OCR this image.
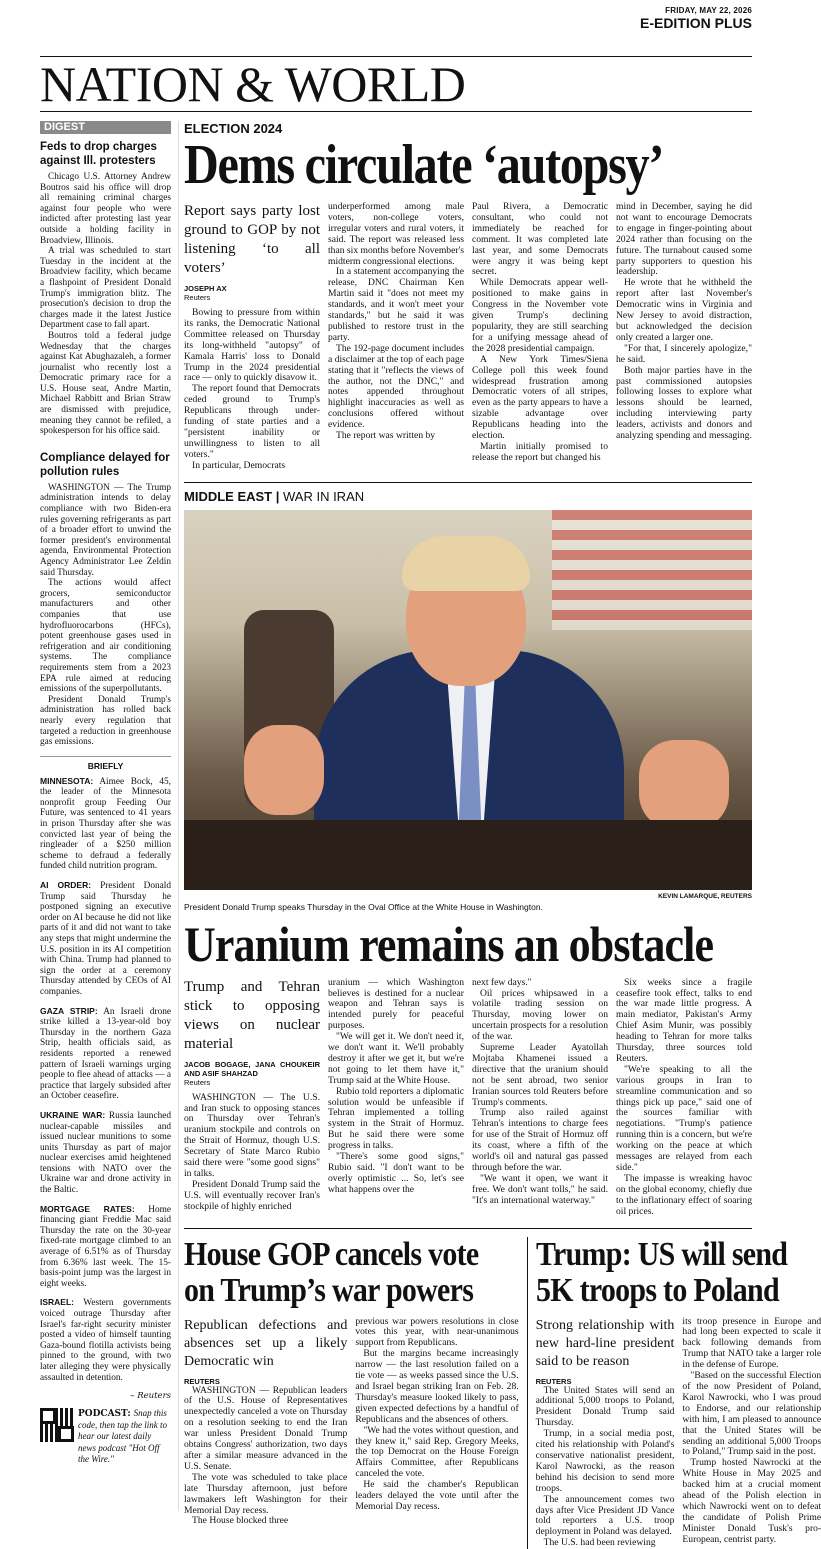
FRIDAY, MAY 22, 2026
E-EDITION PLUS
NATION & WORLD
DIGEST
Feds to drop charges against Ill. protesters

Chicago U.S. Attorney Andrew Boutros said his office will drop all remaining criminal charges against four people who were indicted after protesting last year outside a holding facility in Broadview, Illinois.

A trial was scheduled to start Tuesday in the incident at the Broadview facility, which became a flashpoint of President Donald Trump's immigration blitz. The prosecution's decision to drop the charges made it the latest Justice Department case to fall apart.

Boutros told a federal judge Wednesday that the charges against Kat Abughazaleh, a former journalist who recently lost a Democratic primary race for a U.S. House seat, Andre Martin, Michael Rabbitt and Brian Straw are dismissed with prejudice, meaning they cannot be refiled, a spokesperson for his office said.

Compliance delayed for pollution rules

WASHINGTON — The Trump administration intends to delay compliance with two Biden-era rules governing refrigerants as part of a broader effort to unwind the former president's environmental agenda, Environmental Protection Agency Administrator Lee Zeldin said Thursday.

The actions would affect grocers, semiconductor manufacturers and other companies that use hydrofluorocarbons (HFCs), potent greenhouse gases used in refrigeration and air conditioning systems. The compliance requirements stem from a 2023 EPA rule aimed at reducing emissions of the superpollutants.

President Donald Trump's administration has rolled back nearly every regulation that targeted a reduction in greenhouse gas emissions.

BRIEFLY

MINNESOTA: Aimee Bock, 45, the leader of the Minnesota nonprofit group Feeding Our Future, was sentenced to 41 years in prison Thursday after she was convicted last year of being the ringleader of a $250 million scheme to defraud a federally funded child nutrition program.

AI ORDER: President Donald Trump said Thursday he postponed signing an executive order on AI because he did not like parts of it and did not want to take any steps that might undermine the U.S. position in its AI competition with China. Trump had planned to sign the order at a ceremony Thursday attended by CEOs of AI companies.

GAZA STRIP: An Israeli drone strike killed a 13-year-old boy Thursday in the northern Gaza Strip, health officials said, as residents reported a renewed pattern of Israeli warnings urging people to flee ahead of attacks — a practice that largely subsided after an October ceasefire.

UKRAINE WAR: Russia launched nuclear-capable missiles and issued nuclear munitions to some units Thursday as part of major nuclear exercises amid heightened tensions with NATO over the Ukraine war and drone activity in the Baltic.

MORTGAGE RATES: Home financing giant Freddie Mac said Thursday the rate on the 30-year fixed-rate mortgage climbed to an average of 6.51% as of Thursday from 6.36% last week. The 15-basis-point jump was the largest in eight weeks.

ISRAEL: Western governments voiced outrage Thursday after Israel's far-right security minister posted a video of himself taunting Gaza-bound flotilla activists being pinned to the ground, with two later alleging they were physically assaulted in detention.

– Reuters
PODCAST: Snap this code, then tap the link to hear our latest daily news podcast "Hot Off the Wire."
ELECTION 2024
Dems circulate ‘autopsy’
Report says party lost ground to GOP by not listening ‘to all voters’
JOSEPH AX
Reuters

Bowing to pressure from within its ranks, the Democratic National Committee released on Thursday its long-withheld "autopsy" of Kamala Harris' loss to Donald Trump in the 2024 presidential race — only to quickly disavow it.

The report found that Democrats ceded ground to Trump's Republicans through under-funding of state parties and a "persistent inability or unwillingness to listen to all voters."

In particular, Democrats

underperformed among male voters, non-college voters, irregular voters and rural voters, it said. The report was released less than six months before November's midterm congressional elections.

In a statement accompanying the release, DNC Chairman Ken Martin said it "does not meet my standards, and it won't meet your standards," but he said it was published to restore trust in the party.

The 192-page document includes a disclaimer at the top of each page stating that it "reflects the views of the author, not the DNC," and notes appended throughout highlight inaccuracies as well as conclusions offered without evidence.

The report was written by

Paul Rivera, a Democratic consultant, who could not immediately be reached for comment. It was completed late last year, and some Democrats were angry it was being kept secret.

While Democrats appear well-positioned to make gains in Congress in the November vote given Trump's declining popularity, they are still searching for a unifying message ahead of the 2028 presidential campaign.

A New York Times/Siena College poll this week found widespread frustration among Democratic voters of all stripes, even as the party appears to have a sizable advantage over Republicans heading into the election.

Martin initially promised to release the report but changed his

mind in December, saying he did not want to encourage Democrats to engage in finger-pointing about 2024 rather than focusing on the future. The turnabout caused some party supporters to question his leadership.

He wrote that he withheld the report after last November's Democratic wins in Virginia and New Jersey to avoid distraction, but acknowledged the decision only created a larger one.

"For that, I sincerely apologize," he said.

Both major parties have in the past commissioned autopsies following losses to explore what lessons should be learned, including interviewing party leaders, activists and donors and analyzing spending and messaging.

MIDDLE EAST | WAR IN IRAN
KEVIN LAMARQUE, REUTERS
President Donald Trump speaks Thursday in the Oval Office at the White House in Washington.
Uranium remains an obstacle
Trump and Tehran stick to opposing views on nuclear material
JACOB BOGAGE, JANA CHOUKEIR AND ASIF SHAHZAD
Reuters

WASHINGTON — The U.S. and Iran stuck to opposing stances on Thursday over Tehran's uranium stockpile and controls on the Strait of Hormuz, though U.S. Secretary of State Marco Rubio said there were "some good signs" in talks.

President Donald Trump said the U.S. will eventually recover Iran's stockpile of highly enriched

uranium — which Washington believes is destined for a nuclear weapon and Tehran says is intended purely for peaceful purposes.

"We will get it. We don't need it, we don't want it. We'll probably destroy it after we get it, but we're not going to let them have it," Trump said at the White House.

Rubio told reporters a diplomatic solution would be unfeasible if Tehran implemented a tolling system in the Strait of Hormuz. But he said there were some progress in talks.

"There's some good signs," Rubio said. "I don't want to be overly optimistic ... So, let's see what happens over the

next few days."

Oil prices whipsawed in a volatile trading session on Thursday, moving lower on uncertain prospects for a resolution of the war.

Supreme Leader Ayatollah Mojtaba Khamenei issued a directive that the uranium should not be sent abroad, two senior Iranian sources told Reuters before Trump's comments.

Trump also railed against Tehran's intentions to charge fees for use of the Strait of Hormuz off its coast, where a fifth of the world's oil and natural gas passed through before the war.

"We want it open, we want it free. We don't want tolls," he said. "It's an international waterway."

Six weeks since a fragile ceasefire took effect, talks to end the war made little progress. A main mediator, Pakistan's Army Chief Asim Munir, was possibly heading to Tehran for more talks Thursday, three sources told Reuters.

"We're speaking to all the various groups in Iran to streamline communication and so things pick up pace," said one of the sources familiar with negotiations. "Trump's patience running thin is a concern, but we're working on the peace at which messages are relayed from each side."

The impasse is wreaking havoc on the global economy, chiefly due to the inflationary effect of soaring oil prices.

House GOP cancels vote
on Trump’s war powers
Republican defections and absences set up a likely Democratic win
REUTERS

WASHINGTON — Republican leaders of the U.S. House of Representatives unexpectedly canceled a vote on Thursday on a resolution seeking to end the Iran war unless President Donald Trump obtains Congress' authorization, two days after a similar measure advanced in the U.S. Senate.

The vote was scheduled to take place late Thursday afternoon, just before lawmakers left Washington for their Memorial Day recess.

The House blocked three

previous war powers resolutions in close votes this year, with near-unanimous support from Republicans.

But the margins became increasingly narrow — the last resolution failed on a tie vote — as weeks passed since the U.S. and Israel began striking Iran on Feb. 28. Thursday's measure looked likely to pass, given expected defections by a handful of Republicans and the absences of others.

"We had the votes without question, and they knew it," said Rep. Gregory Meeks, the top Democrat on the House Foreign Affairs Committee, after Republicans canceled the vote.

He said the chamber's Republican leaders delayed the vote until after the Memorial Day recess.

Trump: US will send
5K troops to Poland
Strong relationship with new hard-line president said to be reason
REUTERS

The United States will send an additional 5,000 troops to Poland, President Donald Trump said Thursday.

Trump, in a social media post, cited his relationship with Poland's conservative nationalist president, Karol Nawrocki, as the reason behind his decision to send more troops.

The announcement comes two days after Vice President JD Vance told reporters a U.S. troop deployment in Poland was delayed.

The U.S. had been reviewing

its troop presence in Europe and had long been expected to scale it back following demands from Trump that NATO take a larger role in the defense of Europe.

"Based on the successful Election of the now President of Poland, Karol Nawrocki, who I was proud to Endorse, and our relationship with him, I am pleased to announce that the United States will be sending an additional 5,000 Troops to Poland," Trump said in the post.

Trump hosted Nawrocki at the White House in May 2025 and backed him at a crucial moment ahead of the Polish election in which Nawrocki went on to defeat the candidate of Polish Prime Minister Donald Tusk's pro-European, centrist party.
